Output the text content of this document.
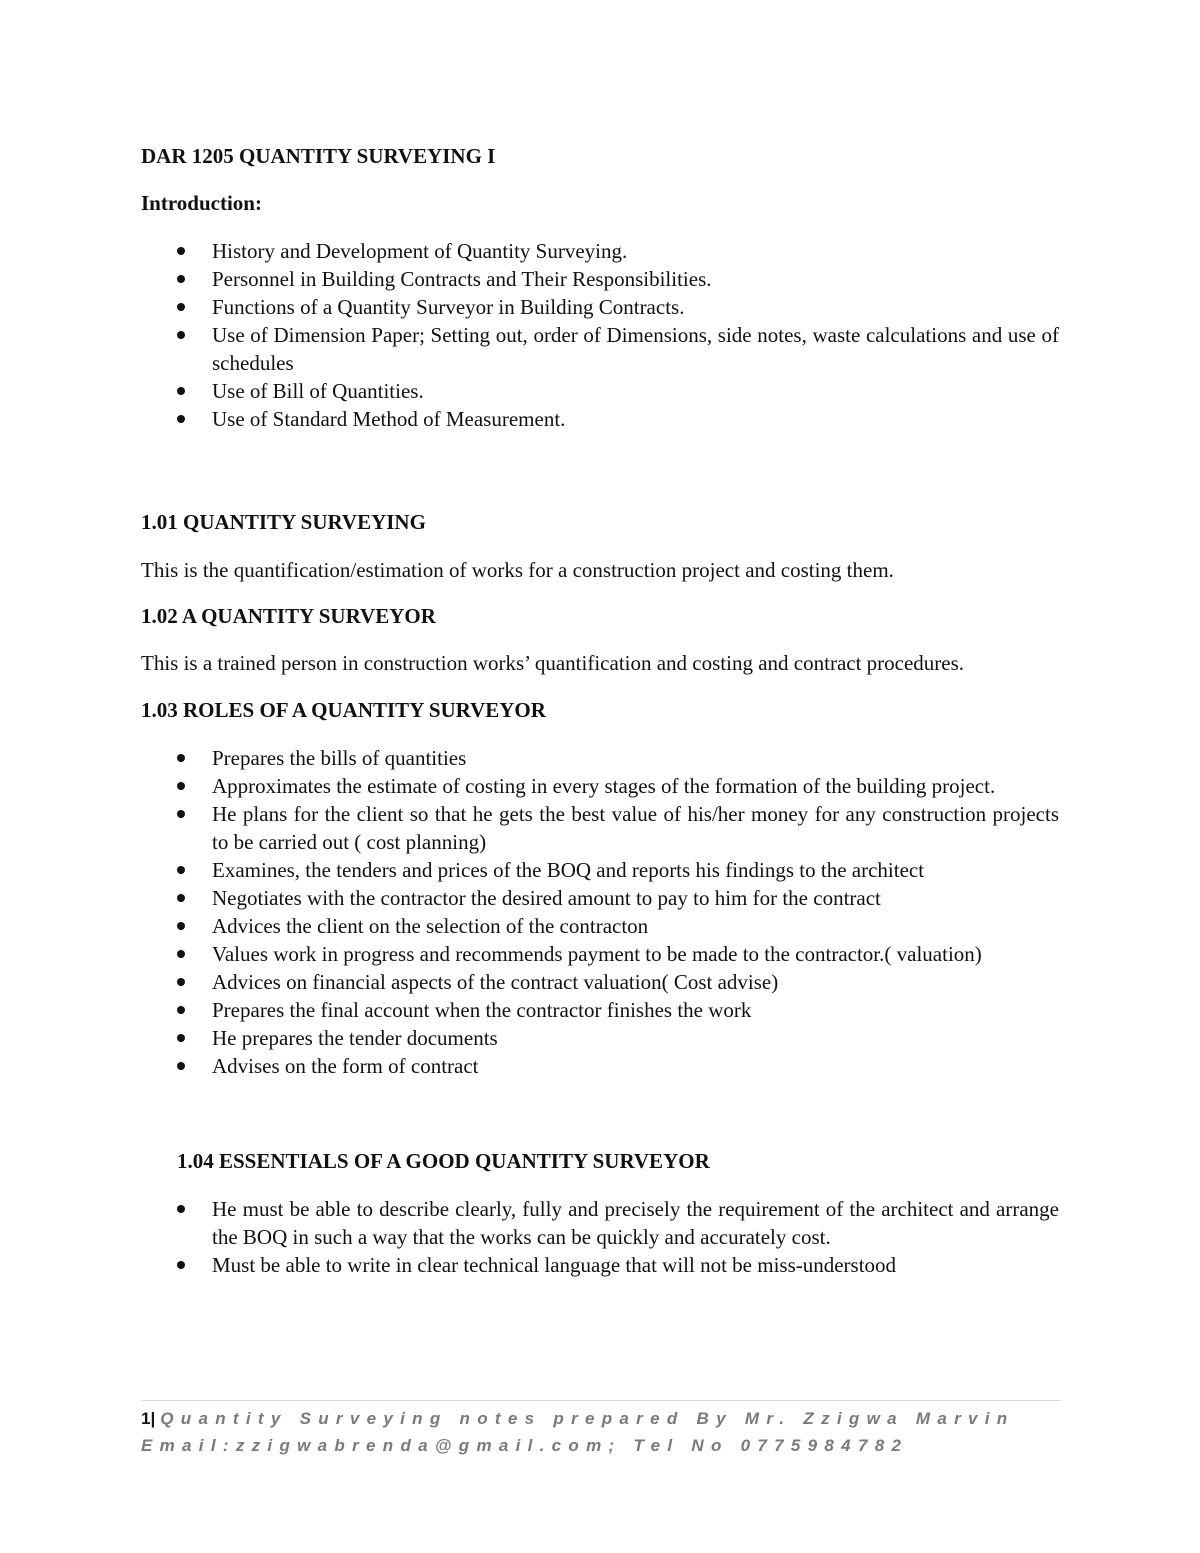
DAR 1205 QUANTITY SURVEYING I
Introduction:
History and Development of Quantity Surveying.
Personnel in Building Contracts and Their Responsibilities.
Functions of a Quantity Surveyor in Building Contracts.
Use of Dimension Paper; Setting out, order of Dimensions, side notes, waste calculations and use of schedules
Use of Bill of Quantities.
Use of Standard Method of Measurement.
1.01 QUANTITY SURVEYING
This is the quantification/estimation of works for a construction project and costing them.
1.02 A QUANTITY SURVEYOR
This is a trained person in construction works’ quantification and costing and contract procedures.
1.03 ROLES OF A QUANTITY SURVEYOR
Prepares the bills of quantities
Approximates the estimate of costing in every stages of the formation of the building project.
He plans for the client so that he gets the best value of his/her money for any construction projects to be carried out ( cost planning)
Examines, the tenders and prices of the BOQ and reports his findings to the architect
Negotiates with the contractor the desired amount to pay to him for the contract
Advices the client on the selection of the contracton
Values work in progress and recommends payment to be made to the contractor.( valuation)
Advices on financial aspects of the contract valuation( Cost advise)
Prepares the final account when the contractor finishes the work
He prepares the tender documents
Advises on the form of contract
1.04 ESSENTIALS OF A GOOD QUANTITY SURVEYOR
He must be able to describe clearly, fully and precisely the requirement of the architect and arrange the BOQ in such a way that the works can be quickly and accurately cost.
Must be able to write in clear technical language that will not be miss-understood
1|Quantity Surveying notes prepared By Mr. Zzigwa Marvin
Email:zzigwabrenda@gmail.com; Tel No 0775984782
